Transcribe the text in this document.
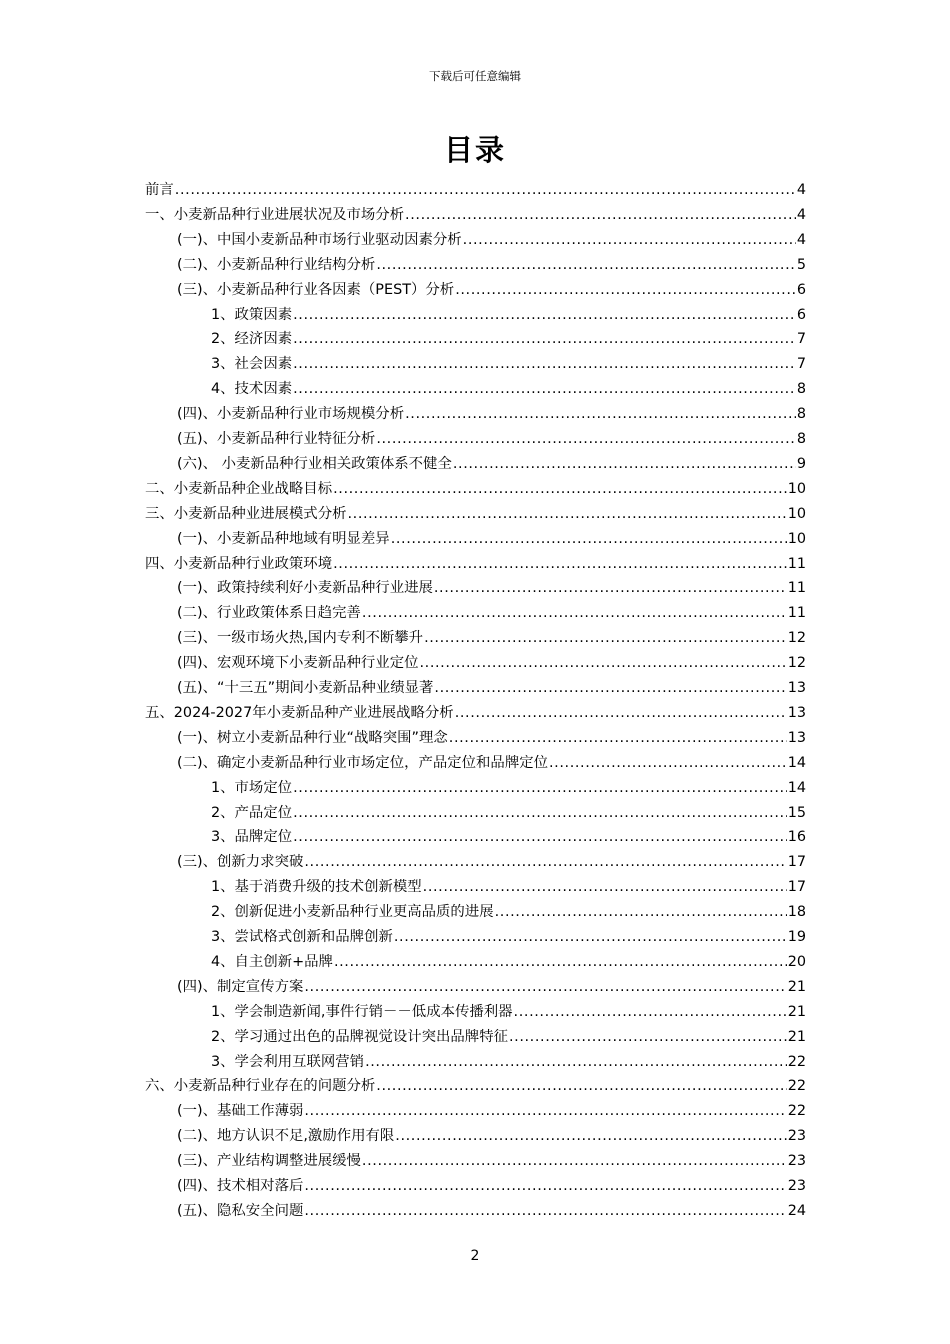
下载后可任意编辑
目录
前言 .....	4
一、小麦新品种行业进展状况及市场分析 .....	4
(一)、中国小麦新品种市场行业驱动因素分析 .....	4
(二)、小麦新品种行业结构分析 .....	5
(三)、小麦新品种行业各因素（PEST）分析 .....	6
1、政策因素 .....	6
2、经济因素 .....	7
3、社会因素 .....	7
4、技术因素 .....	8
(四)、小麦新品种行业市场规模分析 .....	8
(五)、小麦新品种行业特征分析 .....	8
(六)、 小麦新品种行业相关政策体系不健全 .....	9
二、小麦新品种企业战略目标 .....	10
三、小麦新品种业进展模式分析 .....	10
(一)、小麦新品种地域有明显差异 .....	10
四、小麦新品种行业政策环境 .....	11
(一)、政策持续利好小麦新品种行业进展 .....	11
(二)、行业政策体系日趋完善 .....	11
(三)、一级市场火热,国内专利不断攀升 .....	12
(四)、宏观环境下小麦新品种行业定位 .....	12
(五)、“十三五”期间小麦新品种业绩显著 .....	13
五、2024-2027年小麦新品种产业进展战略分析 .....	13
(一)、树立小麦新品种行业“战略突围”理念 .....	13
(二)、确定小麦新品种行业市场定位，产品定位和品牌定位 .....	14
1、市场定位 .....	14
2、产品定位 .....	15
3、品牌定位 .....	16
(三)、创新力求突破 .....	17
1、基于消费升级的技术创新模型 .....	17
2、创新促进小麦新品种行业更高品质的进展 .....	18
3、尝试格式创新和品牌创新 .....	19
4、自主创新+品牌 .....	20
(四)、制定宣传方案 .....	21
1、学会制造新闻,事件行销－－低成本传播利器 .....	21
2、学习通过出色的品牌视觉设计突出品牌特征 .....	21
3、学会利用互联网营销 .....	22
六、小麦新品种行业存在的问题分析 .....	22
(一)、基础工作薄弱 .....	22
(二)、地方认识不足,激励作用有限 .....	23
(三)、产业结构调整进展缓慢 .....	23
(四)、技术相对落后 .....	23
(五)、隐私安全问题 .....	24
2
